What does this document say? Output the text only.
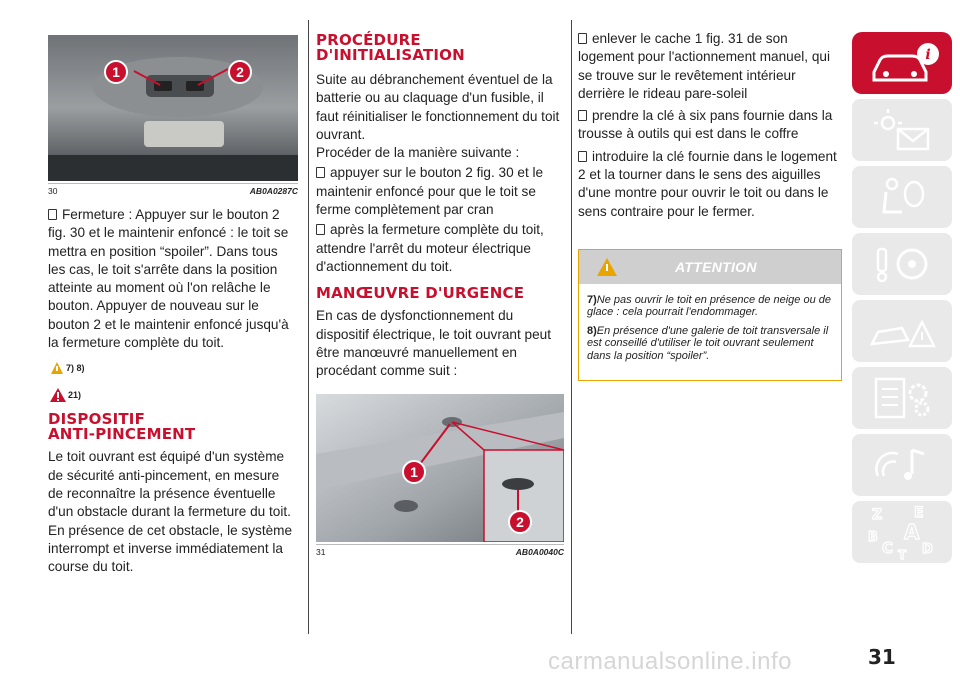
1	2
30	AB0A0287C

Fermeture : Appuyer sur le bouton 2 fig. 30 et le maintenir enfoncé : le toit se mettra en position “spoiler”. Dans tous les cas, le toit s'arrête dans la position atteinte au moment où l'on relâche le bouton. Appuyer de nouveau sur le bouton 2 et le maintenir enfoncé jusqu'à la fermeture complète du toit.

7) 8)
21)
DISPOSITIF
ANTI-PINCEMENT

Le toit ouvrant est équipé d'un système de sécurité anti-pincement, en mesure de reconnaître la présence éventuelle d'un obstacle durant la fermeture du toit. En présence de cet obstacle, le système interrompt et inverse immédiatement la course du toit.

PROCÉDURE
D'INITIALISATION

Suite au débranchement éventuel de la batterie ou au claquage d'un fusible, il faut réinitialiser le fonctionnement du toit ouvrant.

Procéder de la manière suivante :

appuyer sur le bouton 2 fig. 30 et le maintenir enfoncé pour que le toit se ferme complètement par cran

après la fermeture complète du toit, attendre l'arrêt du moteur électrique d'actionnement du toit.

MANŒUVRE D'URGENCE

En cas de dysfonctionnement du dispositif électrique, le toit ouvrant peut être manœuvré manuellement en procédant comme suit :

1
2
31	AB0A0040C

enlever le cache 1 fig. 31 de son logement pour l'actionnement manuel, qui se trouve sur le revêtement intérieur derrière le rideau pare-soleil

prendre la clé à six pans fournie dans la trousse à outils qui est dans le coffre

introduire la clé fournie dans le logement 2 et la tourner dans le sens des aiguilles d'une montre pour ouvrir le toit ou dans le sens contraire pour le fermer.

ATTENTION

7)Ne pas ouvrir le toit en présence de neige ou de glace : cela pourrait l'endommager.

8)En présence d'une galerie de toit transversale il est conseillé d'utiliser le toit ouvrant seulement dans la position “spoiler”.

i
Z E
A
B
C D
T
31
carmanualsonline.info
